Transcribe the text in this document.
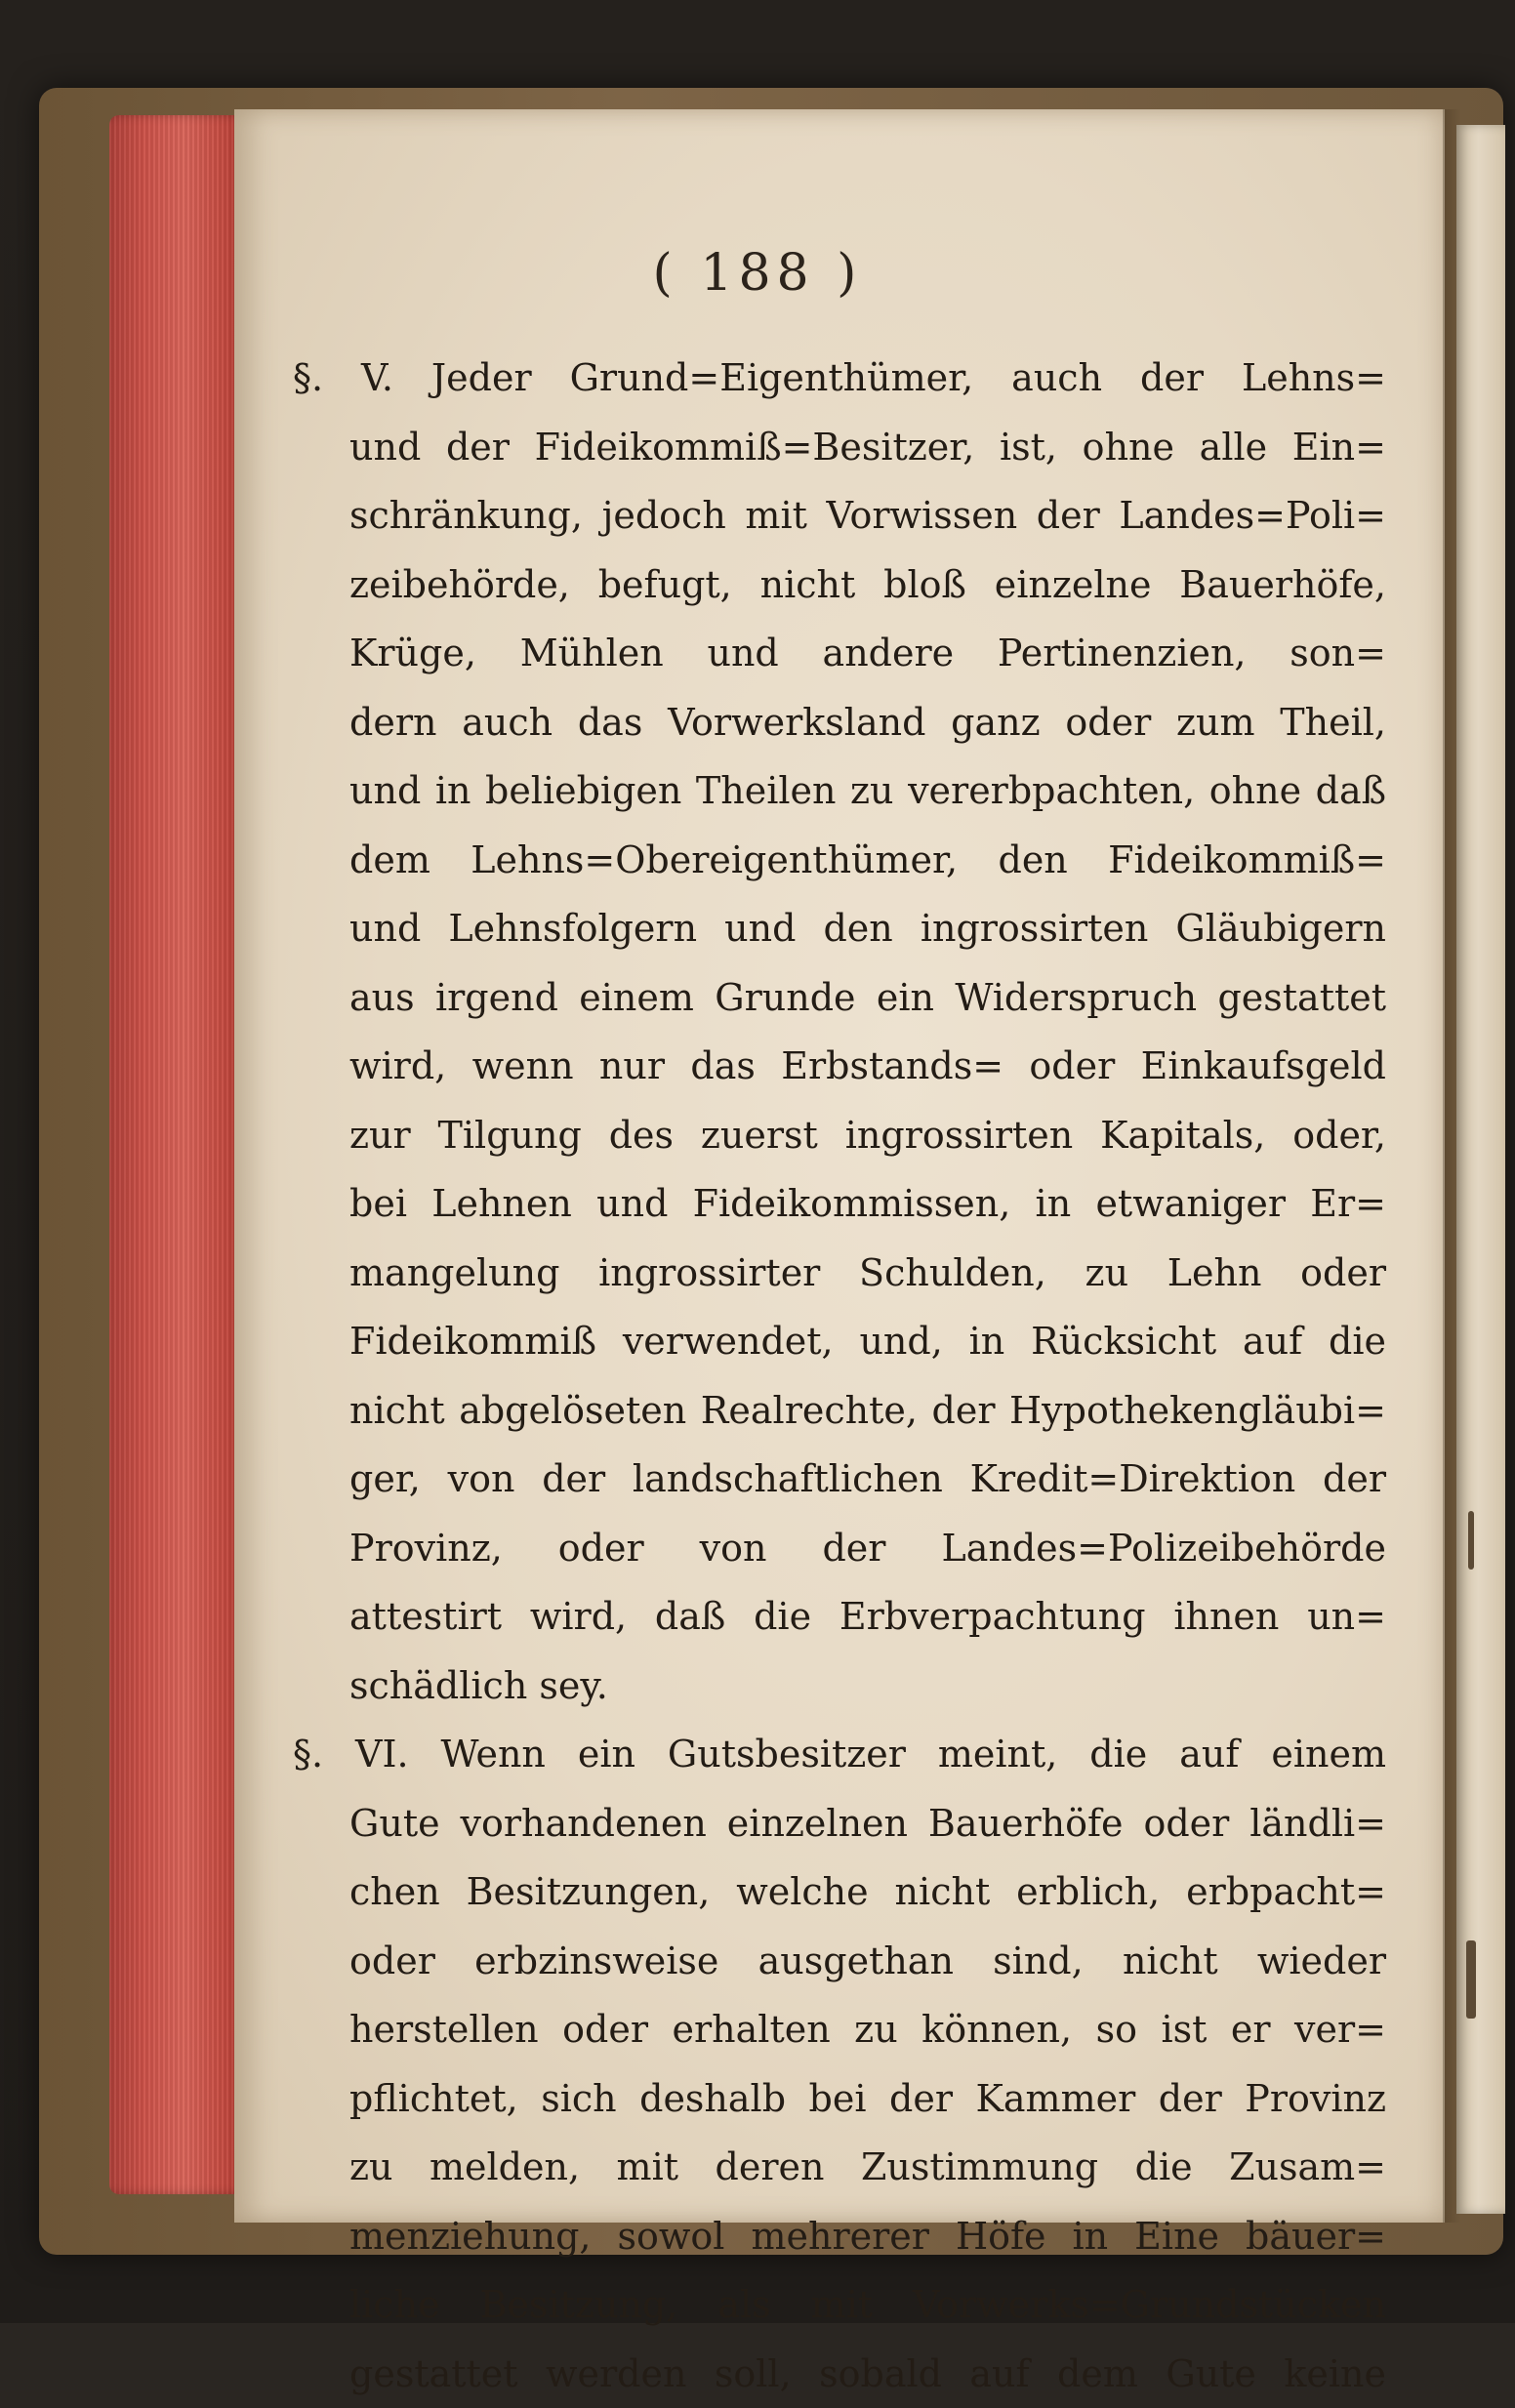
( 188 )
§. V. Jeder Grund=Eigenthümer, auch der Lehns=
und der Fideikommiß=Besitzer, ist, ohne alle Ein=
schränkung, jedoch mit Vorwissen der Landes=Poli=
zeibehörde, befugt, nicht bloß einzelne Bauerhöfe,
Krüge, Mühlen und andere Pertinenzien, son=
dern auch das Vorwerksland ganz oder zum Theil,
und in beliebigen Theilen zu vererbpachten, ohne daß
dem Lehns=Obereigenthümer, den Fideikommiß=
und Lehnsfolgern und den ingrossirten Gläubigern
aus irgend einem Grunde ein Widerspruch gestattet
wird, wenn nur das Erbstands= oder Einkaufsgeld
zur Tilgung des zuerst ingrossirten Kapitals, oder,
bei Lehnen und Fideikommissen, in etwaniger Er=
mangelung ingrossirter Schulden, zu Lehn oder
Fideikommiß verwendet, und, in Rücksicht auf die
nicht abgelöseten Realrechte, der Hypothekengläubi=
ger, von der landschaftlichen Kredit=Direktion der
Provinz, oder von der Landes=Polizeibehörde
attestirt wird, daß die Erbverpachtung ihnen un=
schädlich sey.
§. VI. Wenn ein Gutsbesitzer meint, die auf einem
Gute vorhandenen einzelnen Bauerhöfe oder ländli=
chen Besitzungen, welche nicht erblich, erbpacht=
oder erbzinsweise ausgethan sind, nicht wieder
herstellen oder erhalten zu können, so ist er ver=
pflichtet, sich deshalb bei der Kammer der Provinz
zu melden, mit deren Zustimmung die Zusam=
menziehung, sowol mehrerer Höfe in Eine bäuer=
liche Besitzung, als mit Vorwerks=Grundstücken
gestattet werden soll, sobald auf dem Gute keine
